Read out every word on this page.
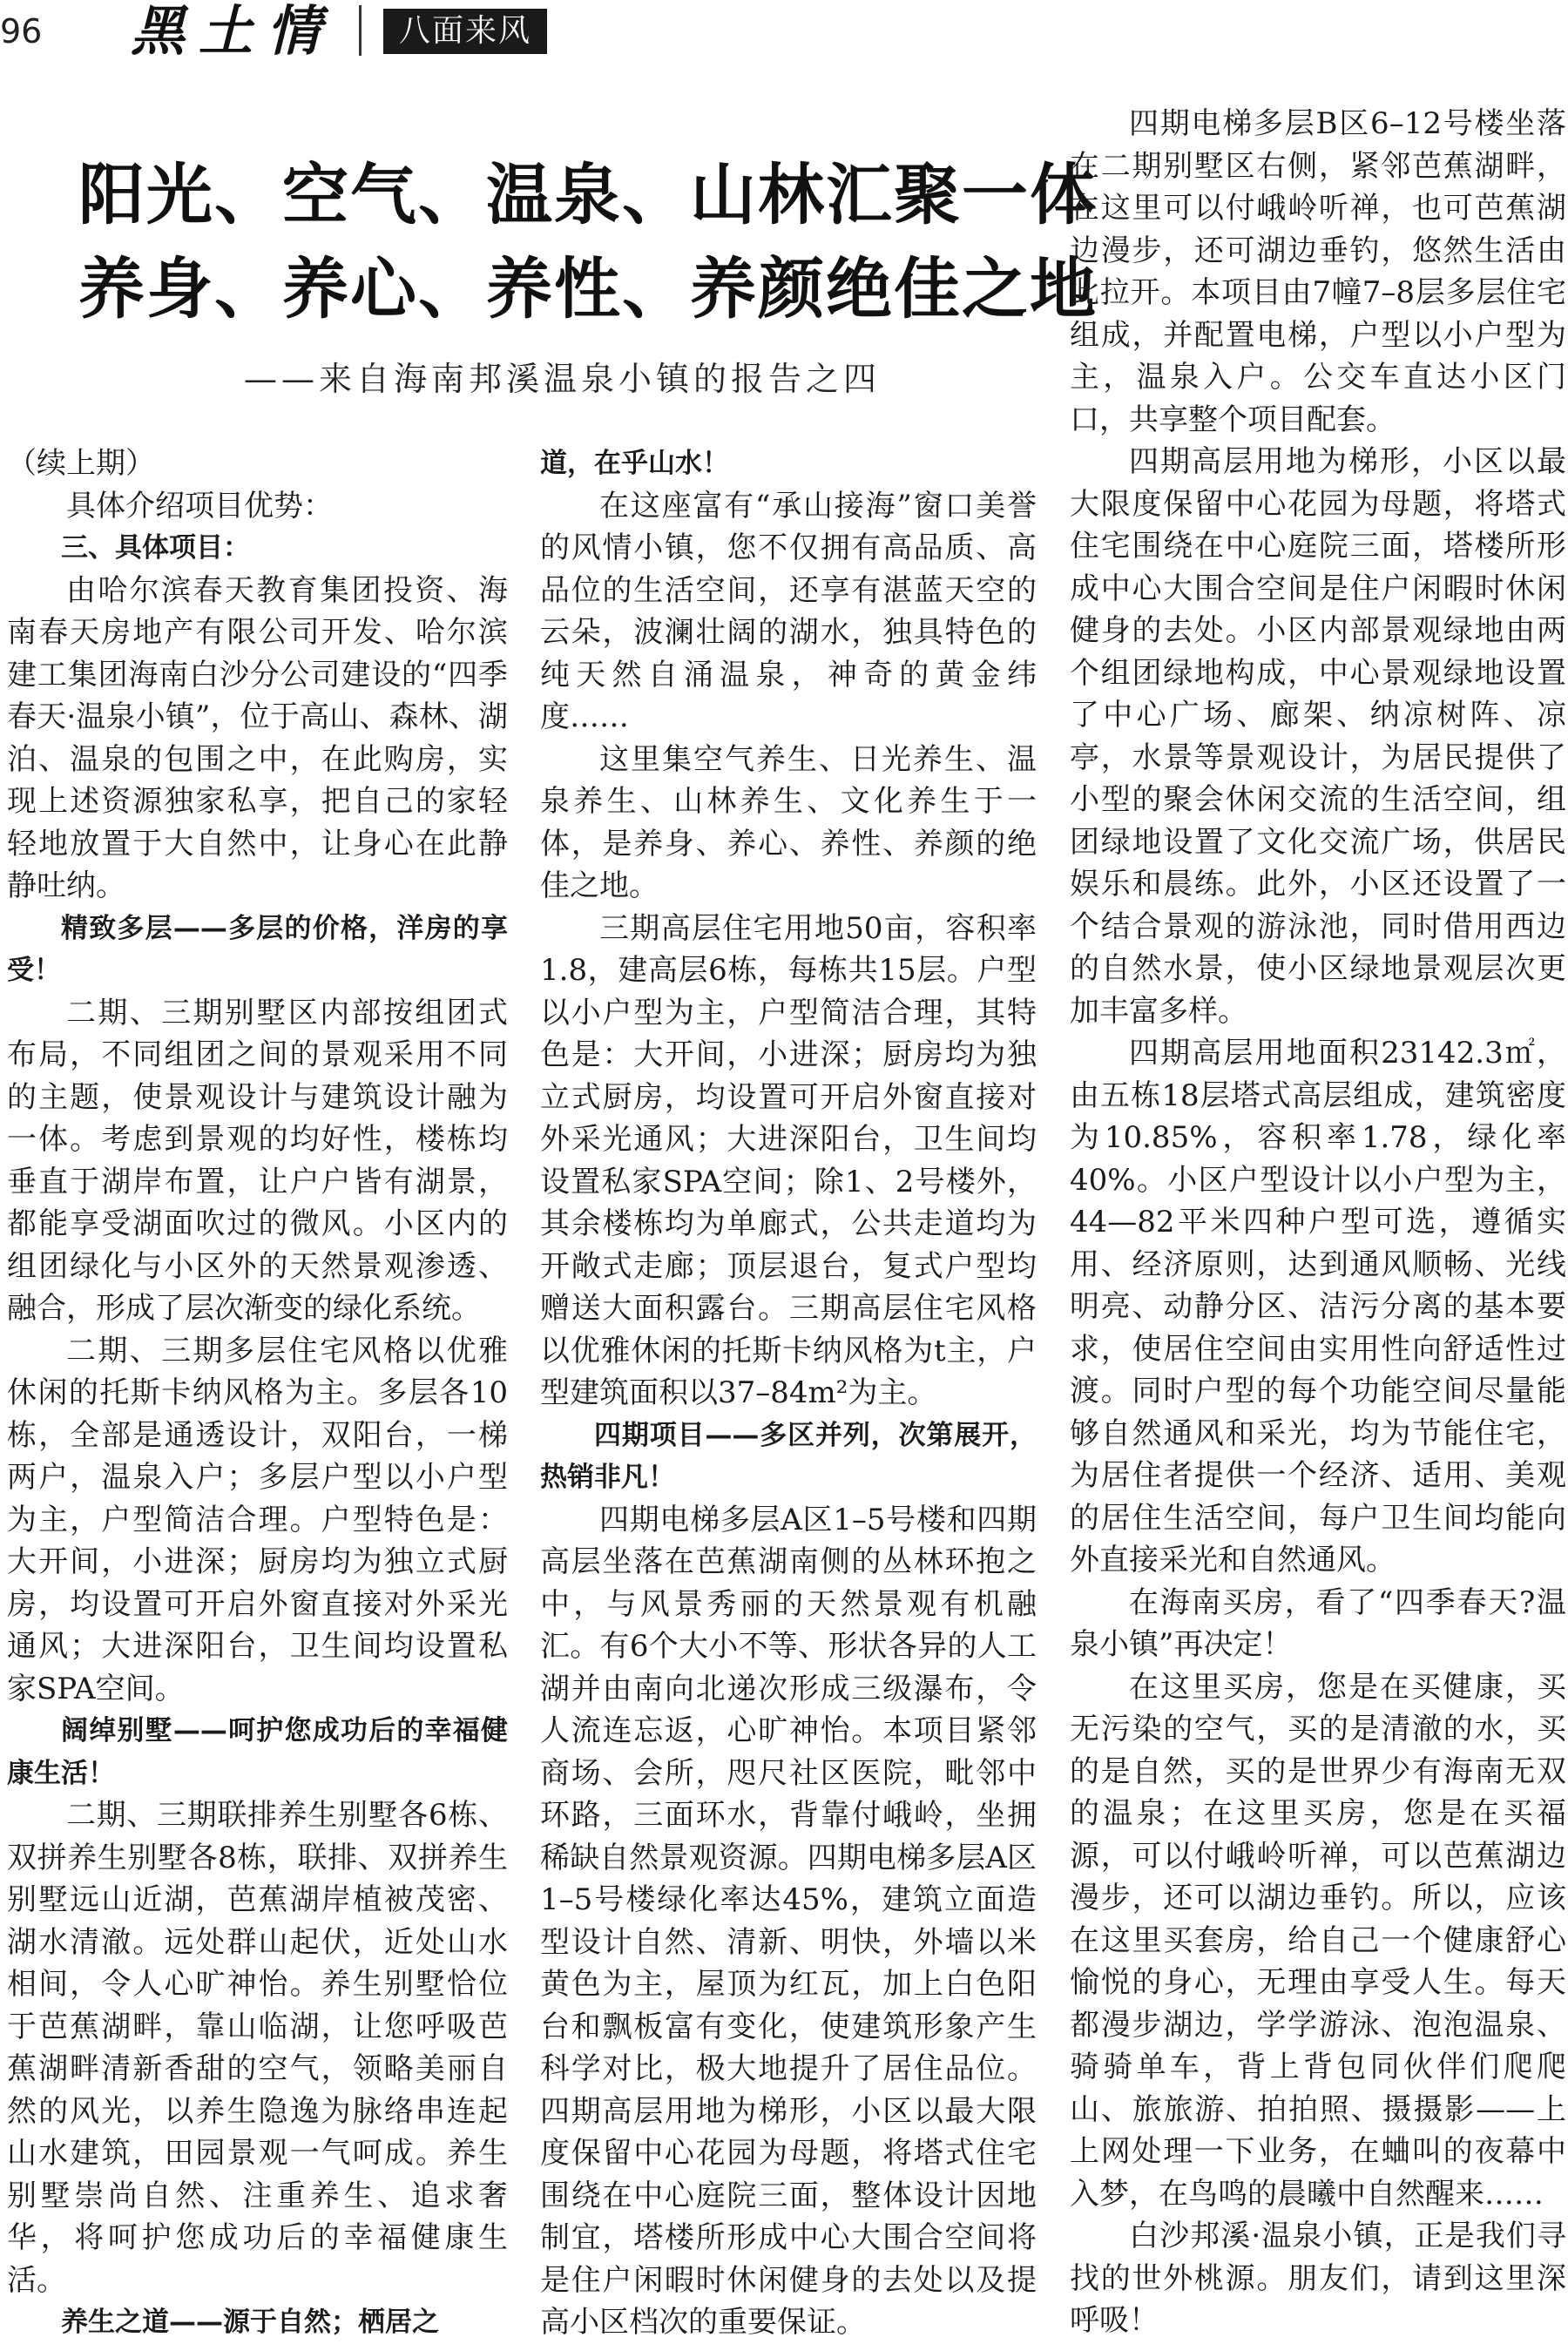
96 黑土情	八面来风
阳光、空气、温泉、山林汇聚一体
养身、养心、养性、养颜绝佳之地
——来自海南邦溪温泉小镇的报告之四

（续上期）

具体介绍项目优势：

三、具体项目：

由哈尔滨春天教育集团投资、海南春天房地产有限公司开发、哈尔滨建工集团海南白沙分公司建设的“四季春天·温泉小镇”，位于高山、森林、湖泊、温泉的包围之中，在此购房，实现上述资源独家私享，把自己的家轻轻地放置于大自然中，让身心在此静静吐纳。

精致多层——多层的价格，洋房的享受！

二期、三期别墅区内部按组团式布局，不同组团之间的景观采用不同的主题，使景观设计与建筑设计融为一体。考虑到景观的均好性，楼栋均垂直于湖岸布置，让户户皆有湖景，都能享受湖面吹过的微风。小区内的组团绿化与小区外的天然景观渗透、融合，形成了层次渐变的绿化系统。

二期、三期多层住宅风格以优雅休闲的托斯卡纳风格为主。多层各10栋，全部是通透设计，双阳台，一梯两户，温泉入户；多层户型以小户型为主，户型简洁合理。户型特色是：大开间，小进深；厨房均为独立式厨房，均设置可开启外窗直接对外采光通风；大进深阳台，卫生间均设置私家SPA空间。

阔绰别墅——呵护您成功后的幸福健康生活！

二期、三期联排养生别墅各6栋、双拼养生别墅各8栋，联排、双拼养生别墅远山近湖，芭蕉湖岸植被茂密、湖水清澈。远处群山起伏，近处山水相间，令人心旷神怡。养生别墅恰位于芭蕉湖畔，靠山临湖，让您呼吸芭蕉湖畔清新香甜的空气，领略美丽自然的风光，以养生隐逸为脉络串连起山水建筑，田园景观一气呵成。养生别墅崇尚自然、注重养生、追求奢华，将呵护您成功后的幸福健康生活。

养生之道——源于自然；栖居之

道，在乎山水！

在这座富有“承山接海”窗口美誉的风情小镇，您不仅拥有高品质、高品位的生活空间，还享有湛蓝天空的云朵，波澜壮阔的湖水，独具特色的纯天然自涌温泉，神奇的黄金纬度……

这里集空气养生、日光养生、温泉养生、山林养生、文化养生于一体，是养身、养心、养性、养颜的绝佳之地。

三期高层住宅用地50亩，容积率1.8，建高层6栋，每栋共15层。户型以小户型为主，户型简洁合理，其特色是：大开间，小进深；厨房均为独立式厨房，均设置可开启外窗直接对外采光通风；大进深阳台，卫生间均设置私家SPA空间；除1、2号楼外，其余楼栋均为单廊式，公共走道均为开敞式走廊；顶层退台，复式户型均赠送大面积露台。三期高层住宅风格以优雅休闲的托斯卡纳风格为t主，户型建筑面积以37–84m²为主。

四期项目——多区并列，次第展开，热销非凡！

四期电梯多层A区1–5号楼和四期高层坐落在芭蕉湖南侧的丛林环抱之中，与风景秀丽的天然景观有机融汇。有6个大小不等、形状各异的人工湖并由南向北递次形成三级瀑布，令人流连忘返，心旷神怡。本项目紧邻商场、会所，咫尺社区医院，毗邻中环路，三面环水，背靠付峨岭，坐拥稀缺自然景观资源。四期电梯多层A区1–5号楼绿化率达45%，建筑立面造型设计自然、清新、明快，外墙以米黄色为主，屋顶为红瓦，加上白色阳台和飘板富有变化，使建筑形象产生科学对比，极大地提升了居住品位。四期高层用地为梯形，小区以最大限度保留中心花园为母题，将塔式住宅围绕在中心庭院三面，整体设计因地制宜，塔楼所形成中心大围合空间将是住户闲暇时休闲健身的去处以及提高小区档次的重要保证。

四期电梯多层B区6–12号楼坐落在二期别墅区右侧，紧邻芭蕉湖畔，在这里可以付峨岭听禅，也可芭蕉湖边漫步，还可湖边垂钓，悠然生活由此拉开。本项目由7幢7–8层多层住宅组成，并配置电梯，户型以小户型为主，温泉入户。公交车直达小区门口，共享整个项目配套。

四期高层用地为梯形，小区以最大限度保留中心花园为母题，将塔式住宅围绕在中心庭院三面，塔楼所形成中心大围合空间是住户闲暇时休闲健身的去处。小区内部景观绿地由两个组团绿地构成，中心景观绿地设置了中心广场、廊架、纳凉树阵、凉亭，水景等景观设计，为居民提供了小型的聚会休闲交流的生活空间，组团绿地设置了文化交流广场，供居民娱乐和晨练。此外，小区还设置了一个结合景观的游泳池，同时借用西边的自然水景，使小区绿地景观层次更加丰富多样。

四期高层用地面积23142.3㎡，由五栋18层塔式高层组成，建筑密度为10.85%，容积率1.78，绿化率40%。小区户型设计以小户型为主，44—82平米四种户型可选，遵循实用、经济原则，达到通风顺畅、光线明亮、动静分区、洁污分离的基本要求，使居住空间由实用性向舒适性过渡。同时户型的每个功能空间尽量能够自然通风和采光，均为节能住宅，为居住者提供一个经济、适用、美观的居住生活空间，每户卫生间均能向外直接采光和自然通风。

在海南买房，看了“四季春天?温泉小镇”再决定！

在这里买房，您是在买健康，买无污染的空气，买的是清澈的水，买的是自然，买的是世界少有海南无双的温泉；在这里买房，您是在买福源，可以付峨岭听禅，可以芭蕉湖边漫步，还可以湖边垂钓。所以，应该在这里买套房，给自己一个健康舒心愉悦的身心，无理由享受人生。每天都漫步湖边，学学游泳、泡泡温泉、骑骑单车，背上背包同伙伴们爬爬山、旅旅游、拍拍照、摄摄影——上上网处理一下业务，在蛐叫的夜幕中入梦，在鸟鸣的晨曦中自然醒来……

白沙邦溪·温泉小镇，正是我们寻找的世外桃源。朋友们，请到这里深呼吸！
